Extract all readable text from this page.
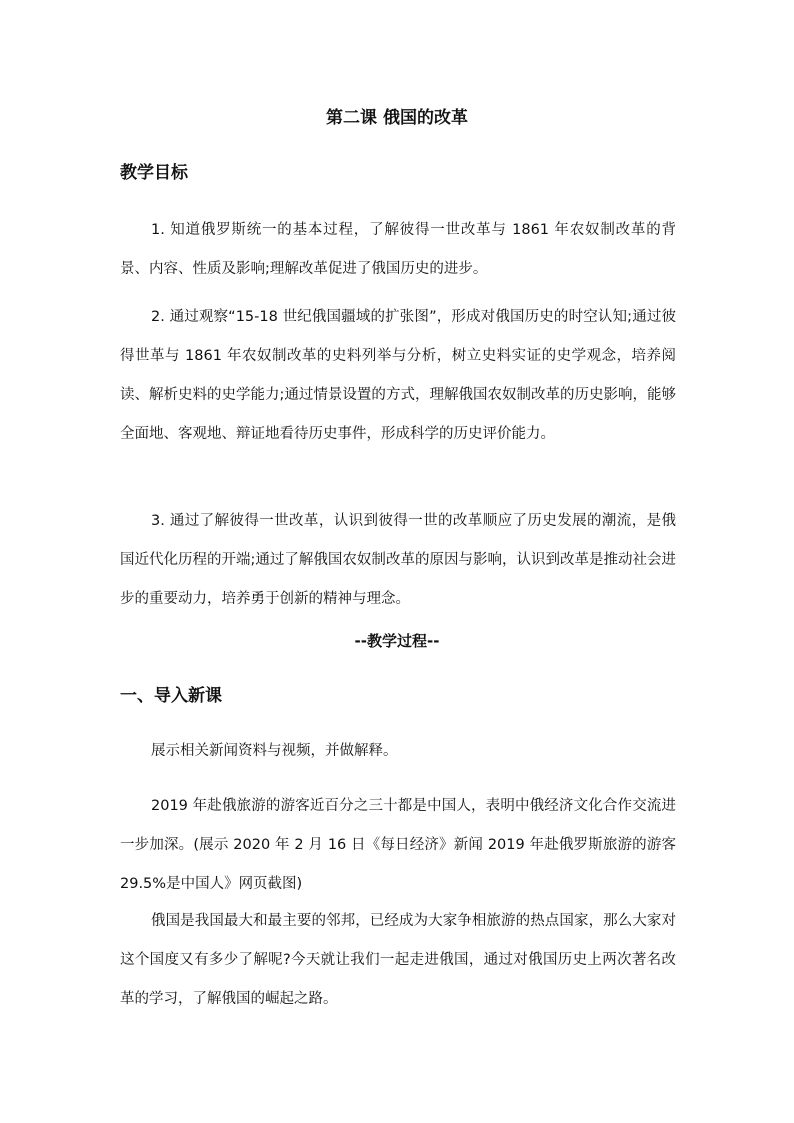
第二课 俄国的改革
教学目标
1. 知道俄罗斯统一的基本过程，了解彼得一世改革与 1861 年农奴制改革的背景、内容、性质及影响;理解改革促进了俄国历史的进步。
2. 通过观察“15-18 世纪俄国疆域的扩张图”，形成对俄国历史的时空认知;通过彼得世革与 1861 年农奴制改革的史料列举与分析，树立史料实证的史学观念，培养阅读、解析史料的史学能力;通过情景设置的方式，理解俄国农奴制改革的历史影响，能够全面地、客观地、辩证地看待历史事件，形成科学的历史评价能力。
3. 通过了解彼得一世改革，认识到彼得一世的改革顺应了历史发展的潮流，是俄国近代化历程的开端;通过了解俄国农奴制改革的原因与影响，认识到改革是推动社会进步的重要动力，培养勇于创新的精神与理念。
--教学过程--
一、导入新课
展示相关新闻资料与视频，并做解释。
2019 年赴俄旅游的游客近百分之三十都是中国人，表明中俄经济文化合作交流进一步加深。(展示 2020 年 2 月 16 日《每日经济》新闻 2019 年赴俄罗斯旅游的游客 29.5%是中国人》网页截图)
俄国是我国最大和最主要的邻邦，已经成为大家争相旅游的热点国家，那么大家对这个国度又有多少了解呢?今天就让我们一起走进俄国，通过对俄国历史上两次著名改革的学习，了解俄国的崛起之路。
